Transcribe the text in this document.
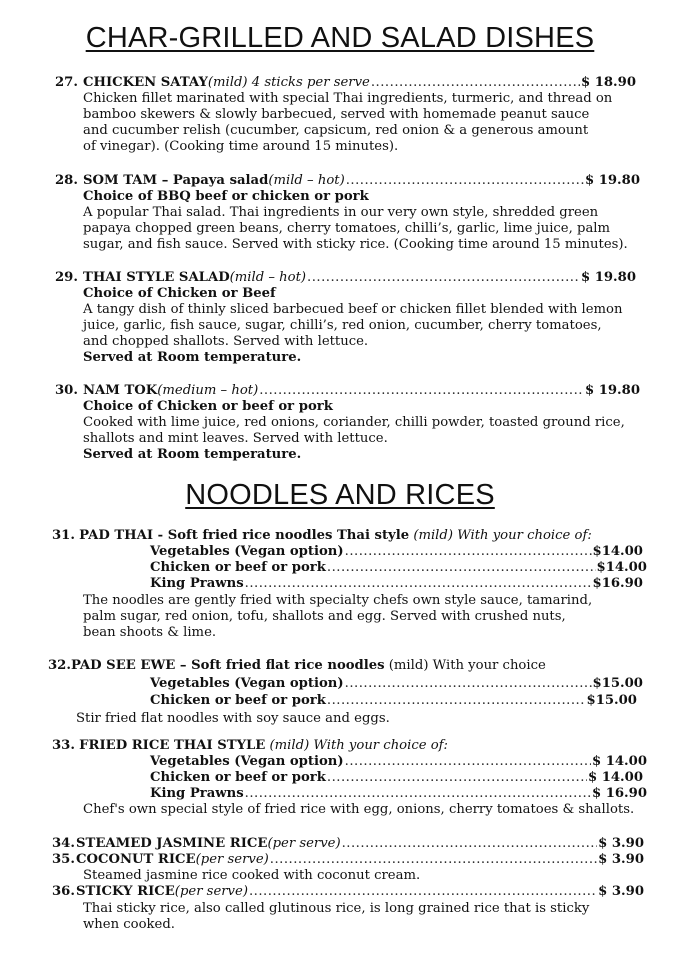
CHAR-GRILLED AND SALAD DISHES
NOODLES AND RICES
27. CHICKEN SATAY (mild) 4 sticks per serve .....	$ 18.90
Chicken fillet marinated with special Thai ingredients, turmeric, and thread on
bamboo skewers & slowly barbecued, served with homemade peanut sauce
and cucumber relish (cucumber, capsicum, red onion & a generous amount
of vinegar). (Cooking time around 15 minutes).
28. SOM TAM – Papaya salad (mild – hot) .....	$ 19.80
Choice of BBQ beef or chicken or pork
A popular Thai salad. Thai ingredients in our very own style, shredded green
papaya chopped green beans, cherry tomatoes, chilli’s, garlic, lime juice, palm
sugar, and fish sauce. Served with sticky rice. (Cooking time around 15 minutes).
29. THAI STYLE SALAD (mild – hot) .....	$ 19.80
Choice of Chicken or Beef
A tangy dish of thinly sliced barbecued beef or chicken fillet blended with lemon
juice, garlic, fish sauce, sugar, chilli’s, red onion, cucumber, cherry tomatoes,
and chopped shallots. Served with lettuce.
Served at Room temperature.
30. NAM TOK (medium – hot) .....	$ 19.80
Choice of Chicken or beef or pork
Cooked with lime juice, red onions, coriander, chilli powder, toasted ground rice,
shallots and mint leaves. Served with lettuce.
Served at Room temperature.
31. PAD THAI - Soft fried rice noodles Thai style (mild) With your choice of:
Vegetables (Vegan option) .....	$14.00
Chicken or beef or pork .....	$14.00
King Prawns .....	$16.90
The noodles are gently fried with specialty chefs own style sauce, tamarind,
palm sugar, red onion, tofu, shallots and egg. Served with crushed nuts,
bean shoots & lime.
32.PAD SEE EWE – Soft fried flat rice noodles (mild) With your choice
Vegetables (Vegan option) .....	$15.00
Chicken or beef or pork .....	$15.00
Stir fried flat noodles with soy sauce and eggs.
33. FRIED RICE THAI STYLE (mild) With your choice of:
Vegetables (Vegan option) .....	$ 14.00
Chicken or beef or pork .....	$ 14.00
King Prawns .....	$ 16.90
Chef's own special style of fried rice with egg, onions, cherry tomatoes & shallots.
34. STEAMED JASMINE RICE (per serve) .....	$ 3.90
35. COCONUT RICE (per serve) .....	$ 3.90
Steamed jasmine rice cooked with coconut cream.
36. STICKY RICE (per serve) .....	$ 3.90
Thai sticky rice, also called glutinous rice, is long grained rice that is sticky
when cooked.
